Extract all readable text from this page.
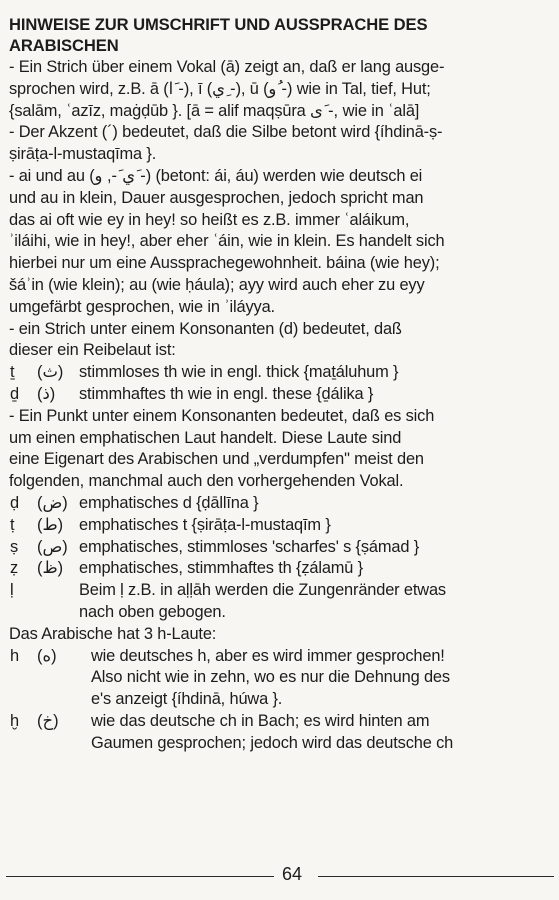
HINWEISE ZUR UMSCHRIFT UND AUSSPRACHE DES
ARABISCHEN
- Ein Strich über einem Vokal (ā) zeigt an, daß er lang ausge-
sprochen wird, z.B. ā (ا َ-), ī (ي ِ-), ū (و ُ-) wie in Tal, tief, Hut;
{salām, ʿazīz, maġḍūb }. [ā = alif maqṣūra ى َ-, wie in ʿalā]
- Der Akzent (´) bedeutet, daß die Silbe betont wird {íhdinā-ṣ-
ṣirāṭa-l-mustaqīma }.
- ai und au (ي َ-, و َ-) (betont: ái, áu) werden wie deutsch ei
und au in klein, Dauer ausgesprochen, jedoch spricht man
das ai oft wie ey in hey! so heißt es z.B. immer ʿaláikum,
ʾiláihi, wie in hey!, aber eher ʿáin, wie in klein. Es handelt sich
hierbei nur um eine Aussprachegewohnheit. báina (wie hey);
šáʾin (wie klein); au (wie ḥáula); ayy wird auch eher zu eyy
umgefärbt gesprochen, wie in ʾiláyya.
- ein Strich unter einem Konsonanten (d) bedeutet, daß
dieser ein Reibelaut ist:
ṯ	(ث) stimmloses th wie in engl. thick {maṯáluhum }
ḏ	(ذ)	stimmhaftes th wie in engl. these {ḏálika }
- Ein Punkt unter einem Konsonanten bedeutet, daß es sich
um einen emphatischen Laut handelt. Diese Laute sind
eine Eigenart des Arabischen und „verdumpfen" meist den
folgenden, manchmal auch den vorhergehenden Vokal.
ḍ	(ض) emphatisches d {ḍāllīna }
ṭ	(ط) emphatisches t {ṣirāṭa-l-mustaqīm }
ṣ	(ص) emphatisches, stimmloses 'scharfes' s {ṣámad }
ẓ	(ظ) emphatisches, stimmhaftes th {ẓálamū }
ḷ	Beim ḷ z.B. in aḷḷāh werden die Zungenränder etwas
nach oben gebogen.
Das Arabische hat 3 h-Laute:
h	(ه)	wie deutsches h, aber es wird immer gesprochen!
Also nicht wie in zehn, wo es nur die Dehnung des
e's anzeigt {íhdinā, húwa }.
ḫ	(خ)	wie das deutsche ch in Bach; es wird hinten am
Gaumen gesprochen; jedoch wird das deutsche ch
64
